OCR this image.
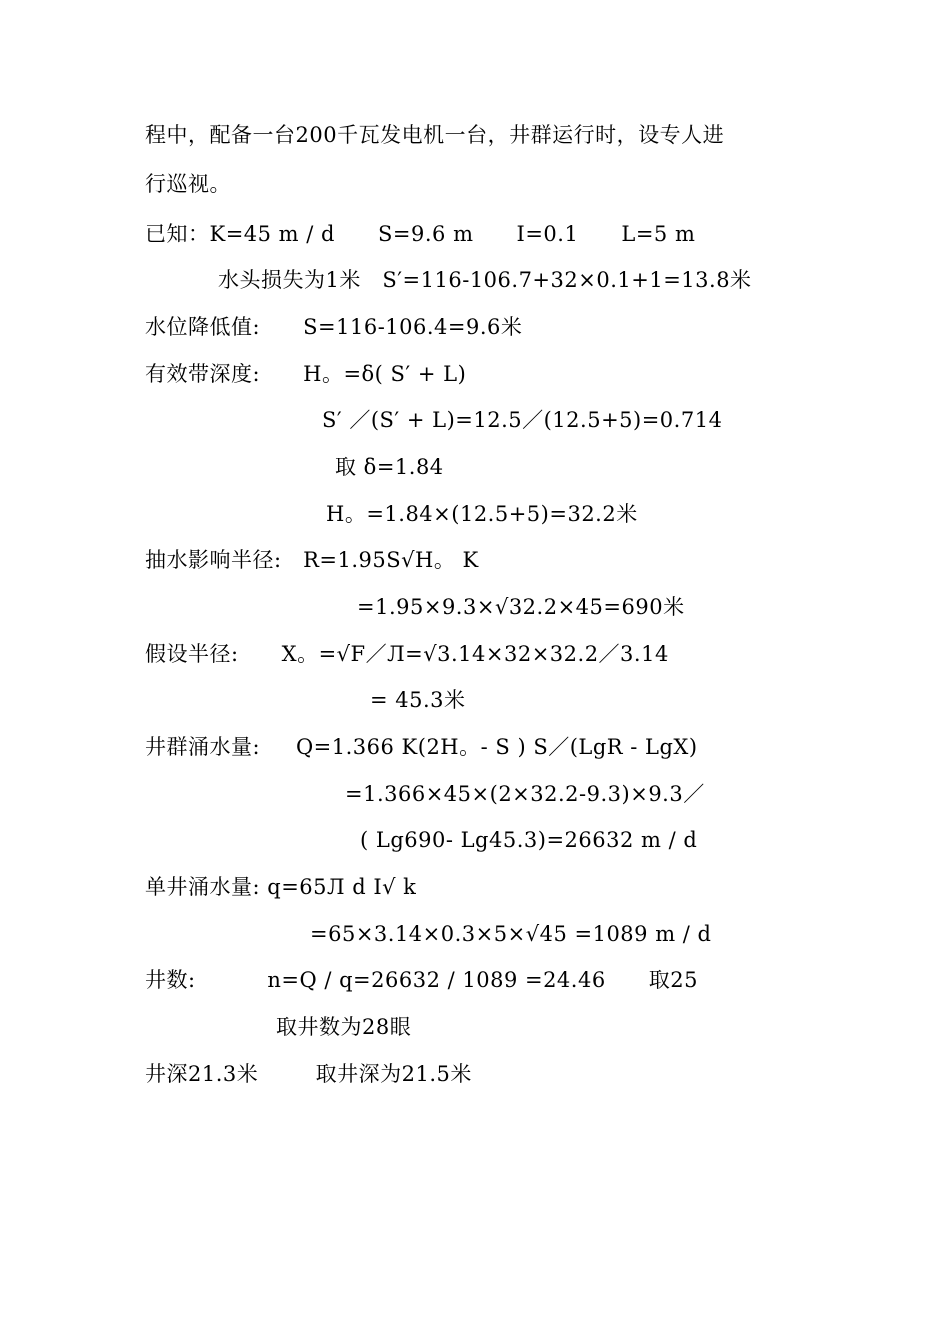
程中，配备一台200千瓦发电机一台，井群运行时，设专人进
行巡视。
已知：K=45 m / d      S=9.6 m      I=0.1      L=5 m
水头损失为1米   S′=116-106.7+32×0.1+1=13.8米
水位降低值:      S=116-106.4=9.6米
有效带深度:      H。=δ( S′ + L)
S′ ／(S′ + L)=12.5／(12.5+5)=0.714
取 δ=1.84
H。=1.84×(12.5+5)=32.2米
抽水影响半径:   R=1.95S√H。 K
=1.95×9.3×√32.2×45=690米
假设半径:      X。=√F／Л=√3.14×32×32.2／3.14
= 45.3米
井群涌水量:     Q=1.366 K(2H。- S ) S／(LgR - LgX)
=1.366×45×(2×32.2-9.3)×9.3／
( Lg690- Lg45.3)=26632 m / d
单井涌水量: q=65Л d I√ k
=65×3.14×0.3×5×√45 =1089 m / d
井数:          n=Q / q=26632 / 1089 =24.46      取25
取井数为28眼
井深21.3米        取井深为21.5米
